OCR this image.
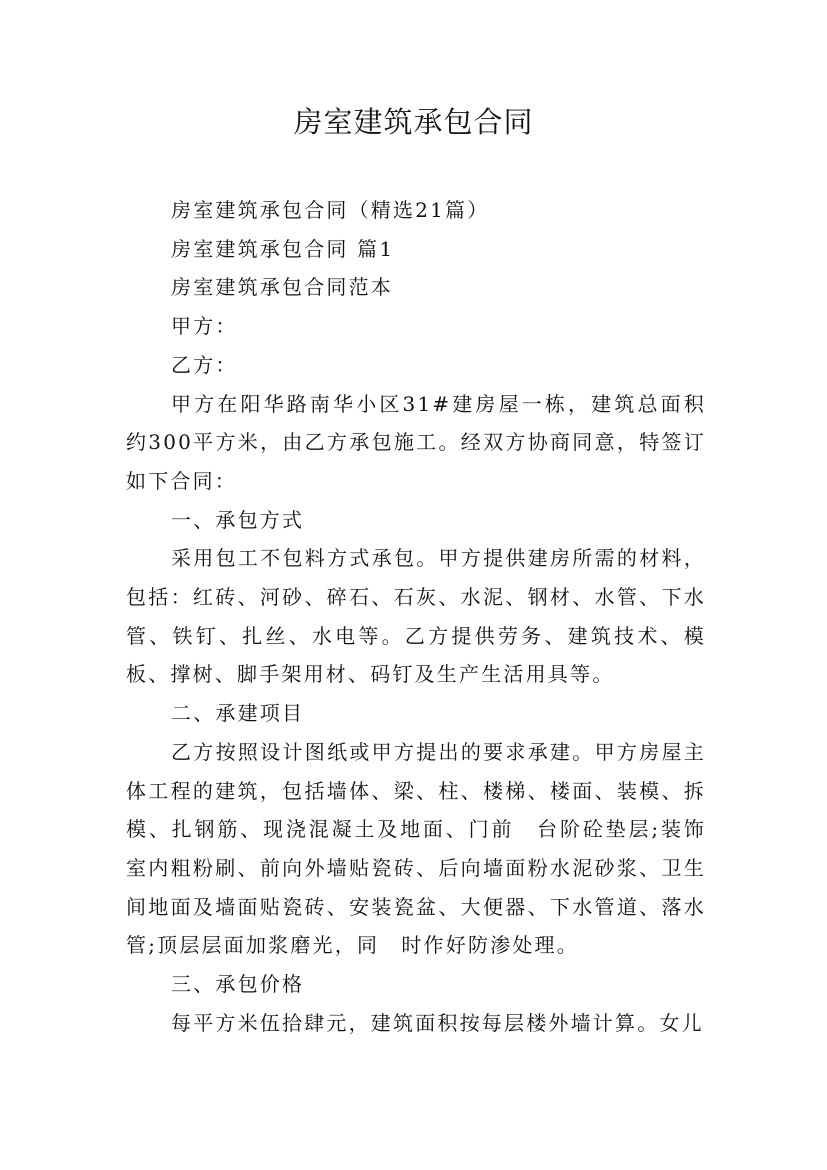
房室建筑承包合同

房室建筑承包合同（精选21篇）

房室建筑承包合同 篇1

房室建筑承包合同范本

甲方：

乙方：

甲方在阳华路南华小区31#建房屋一栋，建筑总面积约300平方米，由乙方承包施工。经双方协商同意，特签订如下合同：

一、承包方式

采用包工不包料方式承包。甲方提供建房所需的材料，包括：红砖、河砂、碎石、石灰、水泥、钢材、水管、下水管、铁钉、扎丝、水电等。乙方提供劳务、建筑技术、模板、撑树、脚手架用材、码钉及生产生活用具等。

二、承建项目

乙方按照设计图纸或甲方提出的要求承建。甲方房屋主体工程的建筑，包括墙体、梁、柱、楼梯、楼面、装模、拆模、扎钢筋、现浇混凝土及地面、门前　台阶砼垫层;装饰室内粗粉刷、前向外墙贴瓷砖、后向墙面粉水泥砂浆、卫生间地面及墙面贴瓷砖、安装瓷盆、大便器、下水管道、落水管;顶层层面加浆磨光，同　时作好防渗处理。

三、承包价格

每平方米伍拾肆元，建筑面积按每层楼外墙计算。女儿
